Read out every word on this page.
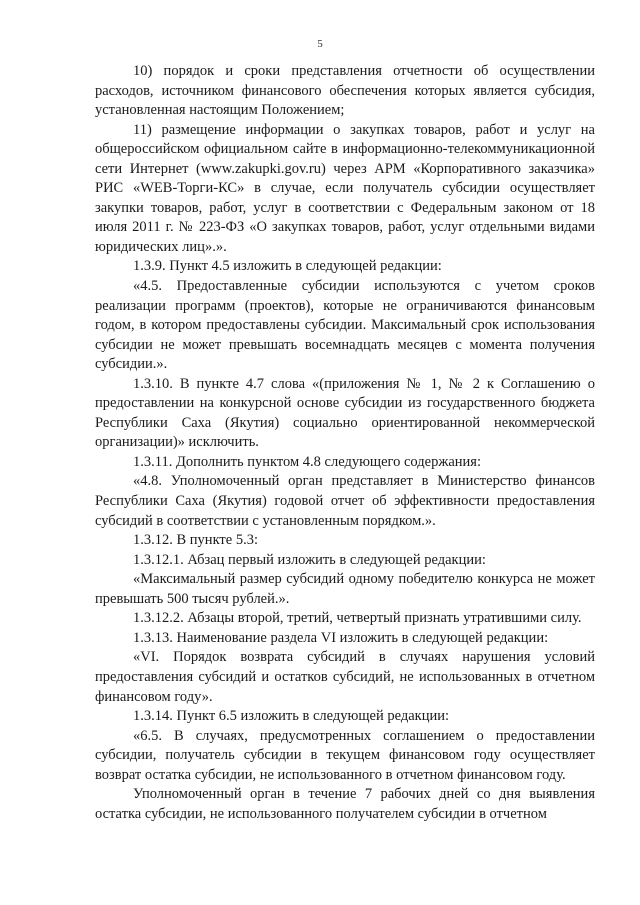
5

10) порядок и сроки представления отчетности об осуществлении расходов, источником финансового обеспечения которых является субсидия, установленная настоящим Положением;

11) размещение информации о закупках товаров, работ и услуг на общероссийском официальном сайте в информационно-телекоммуникационной сети Интернет (www.zakupki.gov.ru) через АРМ «Корпоративного заказчика» РИС «WEB-Торги-КС» в случае, если получатель субсидии осуществляет закупки товаров, работ, услуг в соответствии с Федеральным законом от 18 июля 2011 г. № 223-ФЗ «О закупках товаров, работ, услуг отдельными видами юридических лиц».».

1.3.9. Пункт 4.5 изложить в следующей редакции:

«4.5. Предоставленные субсидии используются с учетом сроков реализации программ (проектов), которые не ограничиваются финансовым годом, в котором предоставлены субсидии. Максимальный срок использования субсидии не может превышать восемнадцать месяцев с момента получения субсидии.».

1.3.10. В пункте 4.7 слова «(приложения № 1, № 2 к Соглашению о предоставлении на конкурсной основе субсидии из государственного бюджета Республики Саха (Якутия) социально ориентированной некоммерческой организации)» исключить.

1.3.11. Дополнить пунктом 4.8 следующего содержания:

«4.8. Уполномоченный орган представляет в Министерство финансов Республики Саха (Якутия) годовой отчет об эффективности предоставления субсидий в соответствии с установленным порядком.».

1.3.12. В пункте 5.3:

1.3.12.1. Абзац первый изложить в следующей редакции:

«Максимальный размер субсидий одному победителю конкурса не может превышать 500 тысяч рублей.».

1.3.12.2. Абзацы второй, третий, четвертый признать утратившими силу.

1.3.13. Наименование раздела VI изложить в следующей редакции:

«VI. Порядок возврата субсидий в случаях нарушения условий предоставления субсидий и остатков субсидий, не использованных в отчетном финансовом году».

1.3.14. Пункт 6.5 изложить в следующей редакции:

«6.5. В случаях, предусмотренных соглашением о предоставлении субсидии, получатель субсидии в текущем финансовом году осуществляет возврат остатка субсидии, не использованного в отчетном финансовом году.

Уполномоченный орган в течение 7 рабочих дней со дня выявления остатка субсидии, не использованного получателем субсидии в отчетном
